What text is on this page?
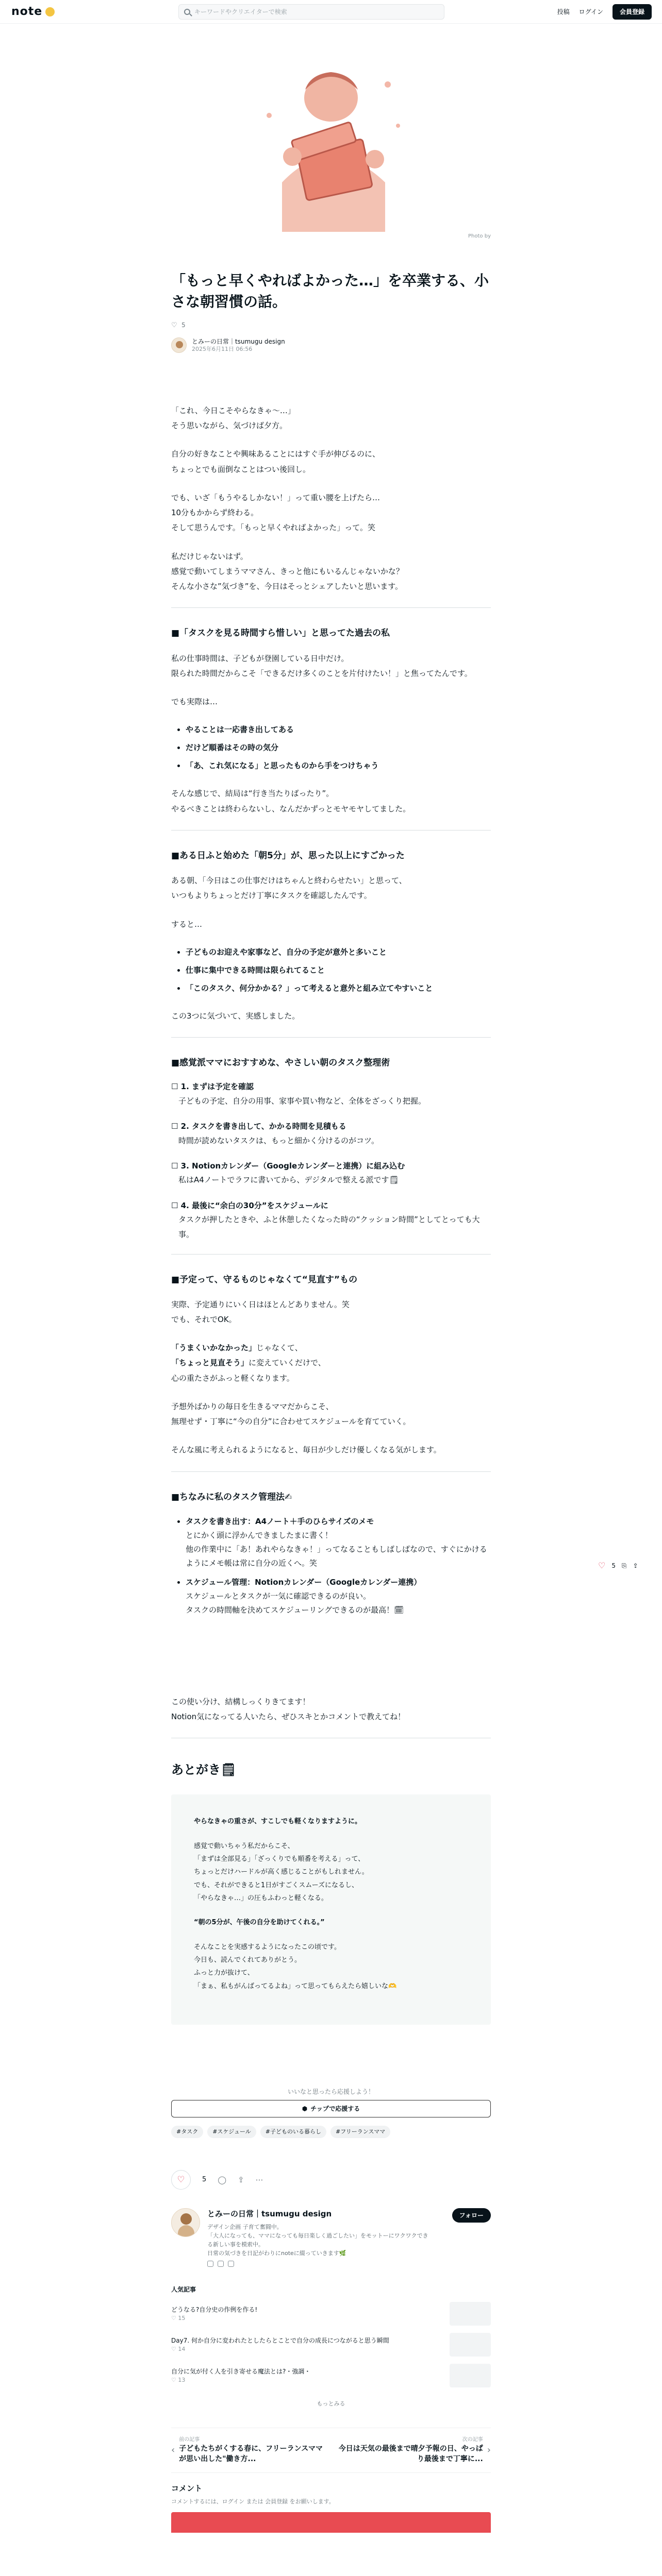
note	キーワードやクリエイターで検索	投稿 ログイン	会員登録
Photo by
「もっと早くやればよかった…」を卒業する、小さな朝習慣の話。
♡ 5
とみーの日常｜tsumugu design
2025年6月11日 06:56

「これ、今日こそやらなきゃ〜…」
そう思いながら、気づけば夕方。

自分の好きなことや興味あることにはすぐ手が伸びるのに、
ちょっとでも面倒なことはつい後回し。

でも、いざ「もうやるしかない！」って重い腰を上げたら…
10分もかからず終わる。
そして思うんです。「もっと早くやればよかった」って。笑

私だけじゃないはず。
感覚で動いてしまうママさん、きっと他にもいるんじゃないかな？
そんな小さな”気づき”を、今日はそっとシェアしたいと思います。

■「タスクを見る時間すら惜しい」と思ってた過去の私

私の仕事時間は、子どもが登園している日中だけ。
限られた時間だからこそ「できるだけ多くのことを片付けたい！」と焦ってたんです。

でも実際は…

• やることは一応書き出してある
• だけど順番はその時の気分
• 「あ、これ気になる」と思ったものから手をつけちゃう

そんな感じで、結局は“行き当たりばったり”。
やるべきことは終わらないし、なんだかずっとモヤモヤしてました。

■ある日ふと始めた「朝5分」が、思った以上にすごかった

ある朝、「今日はこの仕事だけはちゃんと終わらせたい」と思って、
いつもよりちょっとだけ丁寧にタスクを確認したんです。

すると…

• 子どものお迎えや家事など、自分の予定が意外と多いこと
• 仕事に集中できる時間は限られてること
• 「このタスク、何分かかる？」って考えると意外と組み立てやすいこと

この3つに気づいて、実感しました。

■感覚派ママにおすすめな、やさしい朝のタスク整理術
☐ 1. まずは予定を確認
子どもの予定、自分の用事、家事や買い物など、全体をざっくり把握。
☐ 2. タスクを書き出して、かかる時間を見積もる
時間が読めないタスクは、もっと細かく分けるのがコツ。
☐ 3. Notionカレンダー（Googleカレンダーと連携）に組み込む
私はA4ノートでラフに書いてから、デジタルで整える派です🗒
☐ 4. 最後に“余白の30分”をスケジュールに
タスクが押したときや、ふと休憩したくなった時の“クッション時間”としてとっても大事。
■予定って、守るものじゃなくて“見直す”もの

実際、予定通りにいく日はほとんどありません。笑
でも、それでOK。

「うまくいかなかった」じゃなくて、
「ちょっと見直そう」に変えていくだけで、
心の重たさがふっと軽くなります。

予想外ばかりの毎日を生きるママだからこそ、
無理せず・丁寧に“今の自分”に合わせてスケジュールを育てていく。

そんな風に考えられるようになると、毎日が少しだけ優しくなる気がします。

■ちなみに私のタスク管理法✍
• タスクを書き出す：A4ノート＋手のひらサイズのメモ
とにかく頭に浮かんできましたまに書く！
他の作業中に「あ！あれやらなきゃ！」ってなることもしばしばなので、すぐにかけるようにメモ帳は常に自分の近くへ。笑
• スケジュール管理：Notionカレンダー（Googleカレンダー連携）
スケジュールとタスクが一気に確認できるのが良い。
タスクの時間軸を決めてスケジューリングできるのが最高！🗓

この使い分け、結構しっくりきてます！
Notion気になってる人いたら、ぜひスキとかコメントで教えてね！

あとがき🗒

やらなきゃの重さが、すこしでも軽くなりますように。

感覚で動いちゃう私だからこそ、
「まずは全部見る」「ざっくりでも順番を考える」って、
ちょっとだけハードルが高く感じることがもしれません。
でも、それができると1日がすごくスムーズになるし、
「やらなきゃ…」の圧もふわっと軽くなる。

“朝の5分が、午後の自分を助けてくれる。”

そんなことを実感するようになったこの頃です。
今日も、読んでくれてありがとう。
ふっと力が抜けて、
「まぁ、私もがんばってるよね」って思ってもらえたら嬉しいな🫶

いいなと思ったら応援しよう！
⬢ チップで応援する
#タスク	#スケジュール	#子どものいる暮らし	#フリーランスママ
♡	5 ◯ ⇪ ⋯
とみーの日常｜tsumugu design
デザイン企画 子育て奮闘中。
「大人になっても、ママになっても毎日楽しく過ごしたい」をモットーにワクワクできる新しい事を模索中。
日常の気づきを日記がわりにnoteに綴っていきます🌿
フォロー
人気記事
どうなる?自分史の作例を作る!
♡ 15
Day7. 何か自分に変われたとしたらとことで自分の成長につながると思う瞬間
♡ 14
自分に気が付く人を引き寄せる魔法とは?・強調・
♡ 13
もっとみる
‹
前の記事
子どもたちがくする春に、フリーランスママが思い出した"働き方...
次の記事
今日は天気の最後まで晴夕予報の日、やっぱり最後まで丁寧に...
›
コメント
コメントするには、ログイン または 会員登録 をお願いします。
♡ 5 ⎘ ⇪
